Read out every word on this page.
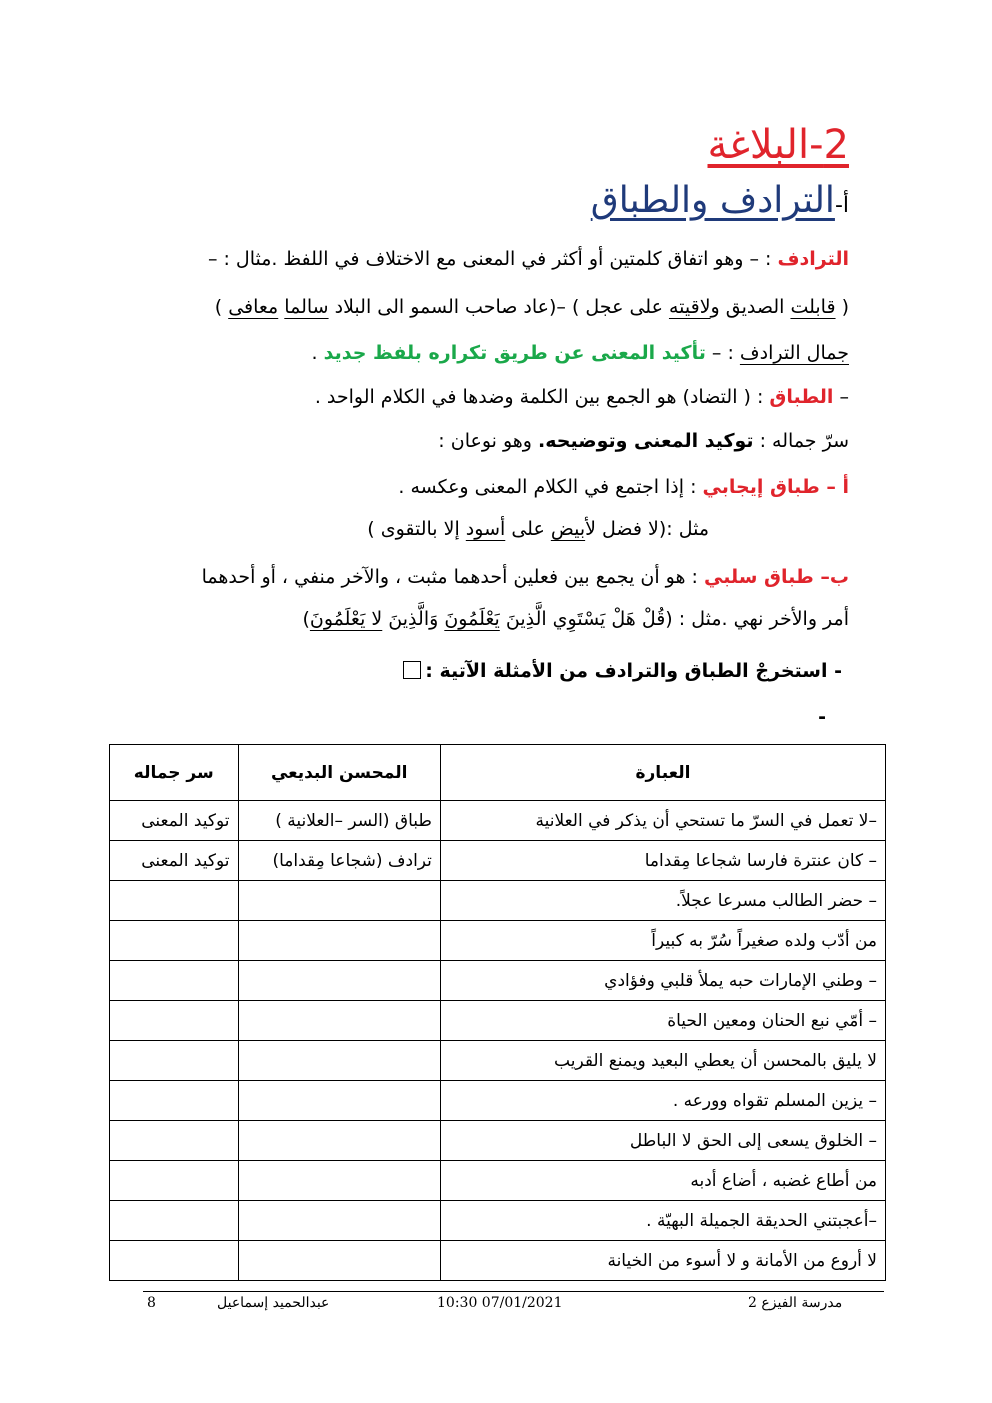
2-البلاغة
أ-الترادف والطباق
الترادف : – وهو اتفاق كلمتين أو أكثر في المعنى مع الاختلاف في اللفظ .مثال : –
( قابلت الصديق ولاقيته على عجل ) –(عاد صاحب السمو الى البلاد سالما معافى )
جمال الترادف : – تأكيد المعنى عن طريق تكراره بلفظ جديد .
– الطباق : ( التضاد) هو الجمع بين الكلمة وضدها في الكلام الواحد .
سرّ جماله : توكيد المعنى وتوضيحه. وهو نوعان :
أ – طباق إيجابي : إذا اجتمع في الكلام المعنى وعكسه .
مثل :(لا فضل لأبيض على أسود إلا بالتقوى )
ب– طباق سلبي : هو أن يجمع بين فعلين أحدهما مثبت ، والآخر منفي ، أو أحدهما
أمر والأخر نهي .مثل : (قُلْ هَلْ يَسْتَوِي الَّذِينَ يَعْلَمُونَ وَالَّذِينَ لا يَعْلَمُونَ)
- استخرجْ الطباق والترادف من الأمثلة الآتية :
-
العبارة	المحسن البديعي	سر جماله
–لا تعمل في السرّ ما تستحي أن يذكر في العلانية	طباق (السر –العلانية )	توكيد المعنى
– كان عنترة فارسا شجاعا مِقداما	ترادف (شجاعا مِقداما)	توكيد المعنى
– حضر الطالب مسرعا عجلاً.		
من أدّب ولده صغيراً سُرّ به كبيراً		
– وطني الإمارات حبه يملأ قلبي وفؤادي		
– أمّي نبع الحنان ومعين الحياة		
لا يليق بالمحسن أن يعطي البعيد ويمنع القريب		
– يزين المسلم تقواه وورعه .		
– الخلوق يسعى إلى الحق لا الباطل		
من أطاع غضبه ، أضاع أدبه		
–أعجبتني الحديقة الجميلة البهيّة .		
لا أروع من الأمانة و لا أسوء من الخيانة		
8	عبدالحميد إسماعيل	10:30 07/01/2021	مدرسة الفيزع 2
